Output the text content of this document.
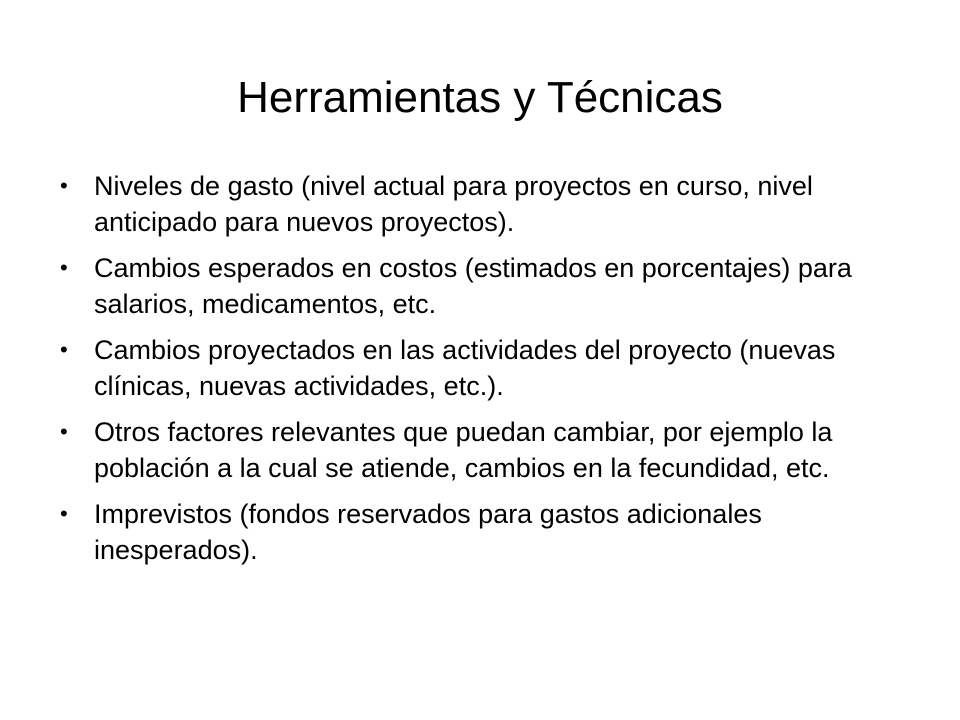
Herramientas y Técnicas
• Niveles de gasto (nivel actual para proyectos en curso, nivel anticipado para nuevos proyectos).
• Cambios esperados en costos (estimados en porcentajes) para salarios, medicamentos, etc.
• Cambios proyectados en las actividades del proyecto (nuevas clínicas, nuevas actividades, etc.).
• Otros factores relevantes que puedan cambiar, por ejemplo la población a la cual se atiende, cambios en la fecundidad, etc.
• Imprevistos (fondos reservados para gastos adicionales inesperados).
